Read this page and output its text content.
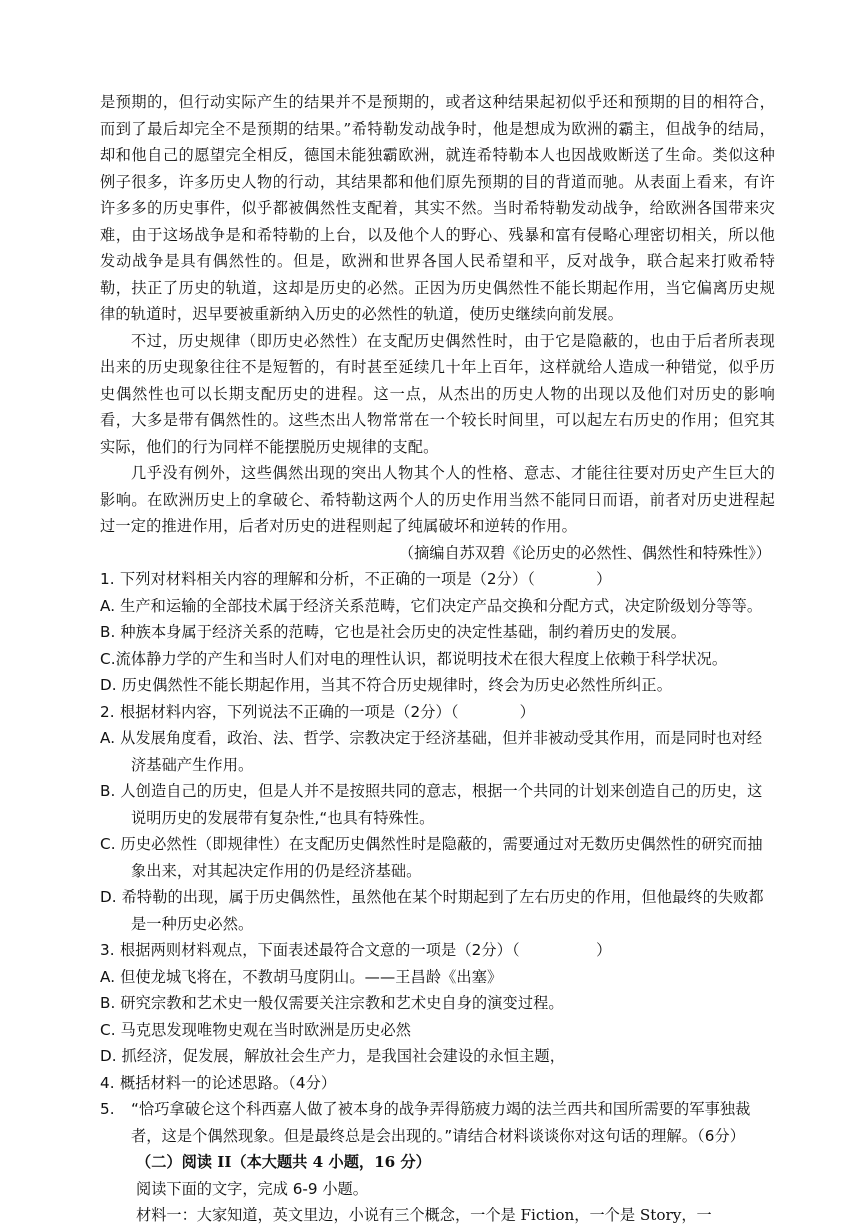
是预期的，但行动实际产生的结果并不是预期的，或者这种结果起初似乎还和预期的目的相符合，而到了最后却完全不是预期的结果。”希特勒发动战争时，他是想成为欧洲的霸主，但战争的结局，却和他自己的愿望完全相反，德国未能独霸欧洲，就连希特勒本人也因战败断送了生命。类似这种例子很多，许多历史人物的行动，其结果都和他们原先预期的目的背道而驰。从表面上看来，有许许多多的历史事件，似乎都被偶然性支配着，其实不然。当时希特勒发动战争，给欧洲各国带来灾难，由于这场战争是和希特勒的上台，以及他个人的野心、残暴和富有侵略心理密切相关，所以他发动战争是具有偶然性的。但是，欧洲和世界各国人民希望和平，反对战争，联合起来打败希特勒，扶正了历史的轨道，这却是历史的必然。正因为历史偶然性不能长期起作用，当它偏离历史规律的轨道时，迟早要被重新纳入历史的必然性的轨道，使历史继续向前发展。

不过，历史规律（即历史必然性）在支配历史偶然性时，由于它是隐蔽的，也由于后者所表现出来的历史现象往往不是短暂的，有时甚至延续几十年上百年，这样就给人造成一种错觉，似乎历史偶然性也可以长期支配历史的进程。这一点，从杰出的历史人物的出现以及他们对历史的影响看，大多是带有偶然性的。这些杰出人物常常在一个较长时间里，可以起左右历史的作用；但究其实际，他们的行为同样不能摆脱历史规律的支配。

几乎没有例外，这些偶然出现的突出人物其个人的性格、意志、才能往往要对历史产生巨大的影响。在欧洲历史上的拿破仑、希特勒这两个人的历史作用当然不能同日而语，前者对历史进程起过一定的推进作用，后者对历史的进程则起了纯属破坏和逆转的作用。

（摘编自苏双碧《论历史的必然性、偶然性和特殊性》）

1. 下列对材料相关内容的理解和分析，不正确的一项是（2分）（　　　　）

A. 生产和运输的全部技术属于经济关系范畴，它们决定产品交换和分配方式，决定阶级划分等等。

B. 种族本身属于经济关系的范畴，它也是社会历史的决定性基础，制约着历史的发展。

C.流体静力学的产生和当时人们对电的理性认识，都说明技术在很大程度上依赖于科学状况。

D. 历史偶然性不能长期起作用，当其不符合历史规律时，终会为历史必然性所纠正。

2. 根据材料内容，下列说法不正确的一项是（2分）（　　　　）

A. 从发展角度看，政治、法、哲学、宗教决定于经济基础，但并非被动受其作用，而是同时也对经济基础产生作用。

B. 人创造自己的历史，但是人并不是按照共同的意志，根据一个共同的计划来创造自己的历史，这说明历史的发展带有复杂性,“也具有特殊性。

C. 历史必然性（即规律性）在支配历史偶然性时是隐蔽的，需要通过对无数历史偶然性的研究而抽象出来，对其起决定作用的仍是经济基础。

D. 希特勒的出现，属于历史偶然性，虽然他在某个时期起到了左右历史的作用，但他最终的失败都是一种历史必然。

3. 根据两则材料观点，下面表述最符合文意的一项是（2分）（　　　　　）

A. 但使龙城飞将在，不教胡马度阴山。——王昌龄《出塞》

B. 研究宗教和艺术史一般仅需要关注宗教和艺术史自身的演变过程。

C. 马克思发现唯物史观在当时欧洲是历史必然

D. 抓经济，促发展，解放社会生产力，是我国社会建设的永恒主题，

4. 概括材料一的论述思路。（4分）

5. “恰巧拿破仑这个科西嘉人做了被本身的战争弄得筋疲力竭的法兰西共和国所需要的军事独裁者，这是个偶然现象。但是最终总是会出现的。”请结合材料谈谈你对这句话的理解。（6分）

（二）阅读 II（本大题共 4 小题，16 分）

阅读下面的文字，完成 6-9 小题。

材料一：大家知道，英文里边，小说有三个概念，一个是 Fiction，一个是 Story，一
